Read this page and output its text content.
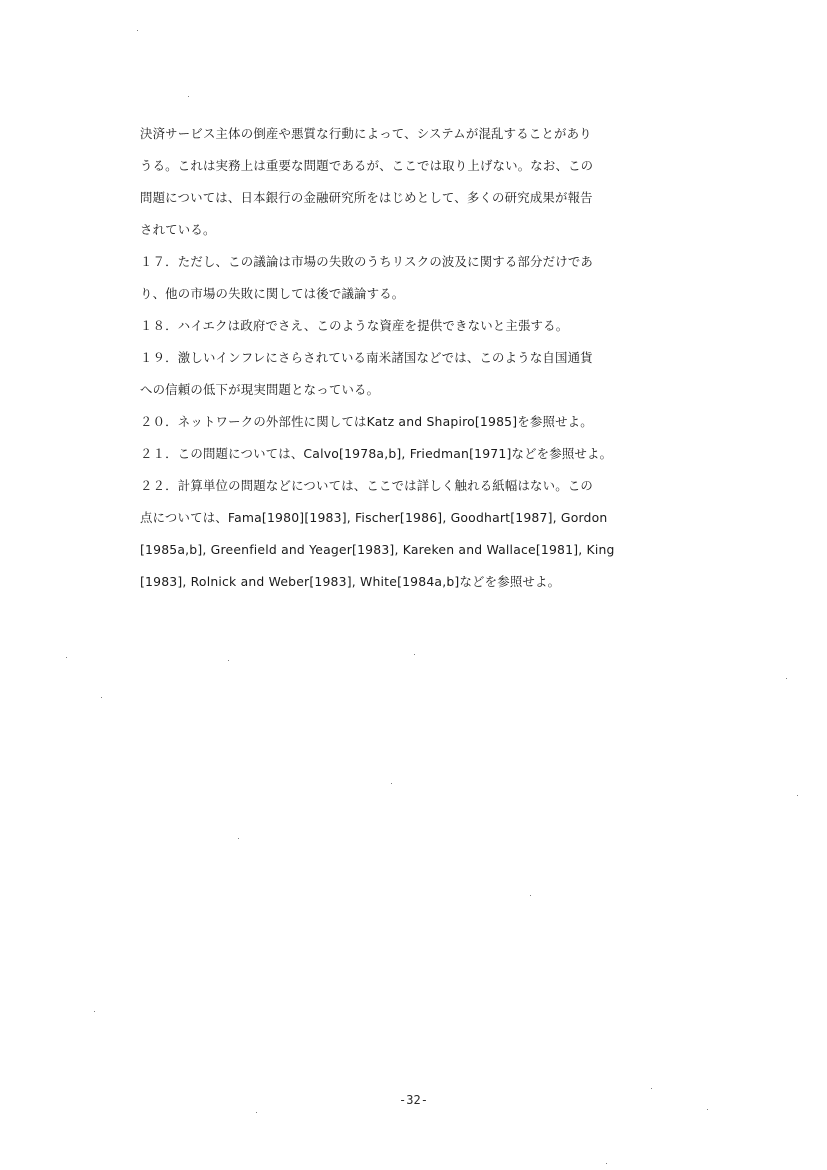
決済サービス主体の倒産や悪質な行動によって、システムが混乱することがあり
うる。これは実務上は重要な問題であるが、ここでは取り上げない。なお、この
問題については、日本銀行の金融研究所をはじめとして、多くの研究成果が報告
されている。
１７．ただし、この議論は市場の失敗のうちリスクの波及に関する部分だけであ
り、他の市場の失敗に関しては後で議論する。
１８．ハイエクは政府でさえ、このような資産を提供できないと主張する。
１９．激しいインフレにさらされている南米諸国などでは、このような自国通貨
への信頼の低下が現実問題となっている。
２０．ネットワークの外部性に関してはKatz and Shapiro[1985]を参照せよ。
２１．この問題については、Calvo[1978a,b], Friedman[1971]などを参照せよ。
２２．計算単位の問題などについては、ここでは詳しく触れる紙幅はない。この
点については、Fama[1980][1983], Fischer[1986], Goodhart[1987], Gordon
[1985a,b], Greenfield and Yeager[1983], Kareken and Wallace[1981], King
[1983], Rolnick and Weber[1983], White[1984a,b]などを参照せよ。
-32-
